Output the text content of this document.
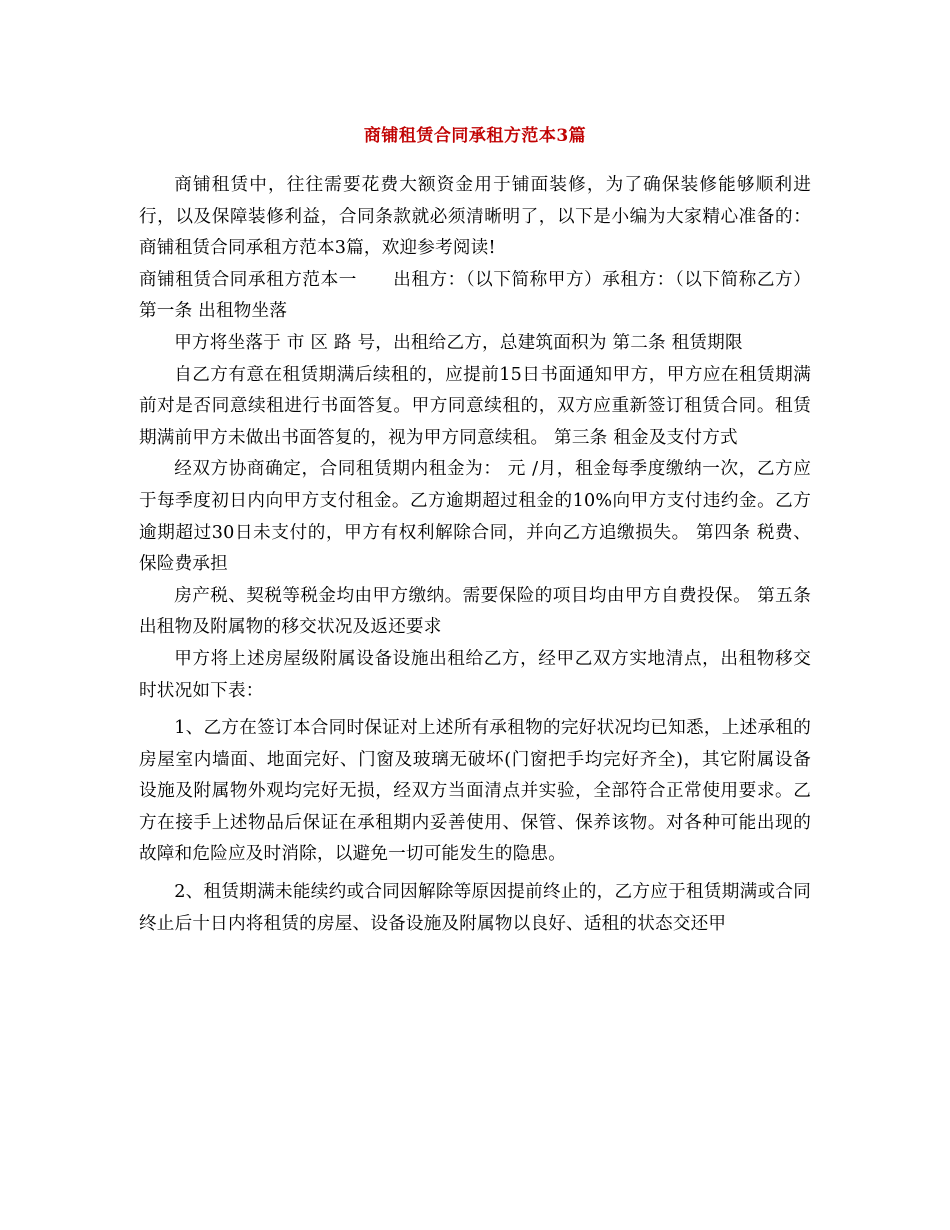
商铺租赁合同承租方范本3篇

商铺租赁中，往往需要花费大额资金用于铺面装修，为了确保装修能够顺利进行，以及保障装修利益，合同条款就必须清晰明了，以下是小编为大家精心准备的：商铺租赁合同承租方范本3篇，欢迎参考阅读!

商铺租赁合同承租方范本一　　出租方：（以下简称甲方）承租方：（以下简称乙方）第一条 出租物坐落

甲方将坐落于 市 区 路 号，出租给乙方，总建筑面积为 第二条 租赁期限

自乙方有意在租赁期满后续租的，应提前15日书面通知甲方，甲方应在租赁期满前对是否同意续租进行书面答复。甲方同意续租的，双方应重新签订租赁合同。租赁期满前甲方未做出书面答复的，视为甲方同意续租。 第三条 租金及支付方式

经双方协商确定，合同租赁期内租金为： 元 /月，租金每季度缴纳一次，乙方应于每季度初日内向甲方支付租金。乙方逾期超过租金的10%向甲方支付违约金。乙方逾期超过30日未支付的，甲方有权利解除合同，并向乙方追缴损失。 第四条 税费、保险费承担

房产税、契税等税金均由甲方缴纳。需要保险的项目均由甲方自费投保。 第五条 出租物及附属物的移交状况及返还要求

甲方将上述房屋级附属设备设施出租给乙方，经甲乙双方实地清点，出租物移交时状况如下表：

1、乙方在签订本合同时保证对上述所有承租物的完好状况均已知悉，上述承租的房屋室内墙面、地面完好、门窗及玻璃无破坏(门窗把手均完好齐全)，其它附属设备设施及附属物外观均完好无损，经双方当面清点并实验，全部符合正常使用要求。乙方在接手上述物品后保证在承租期内妥善使用、保管、保养该物。对各种可能出现的故障和危险应及时消除，以避免一切可能发生的隐患。

2、租赁期满未能续约或合同因解除等原因提前终止的，乙方应于租赁期满或合同终止后十日内将租赁的房屋、设备设施及附属物以良好、适租的状态交还甲
